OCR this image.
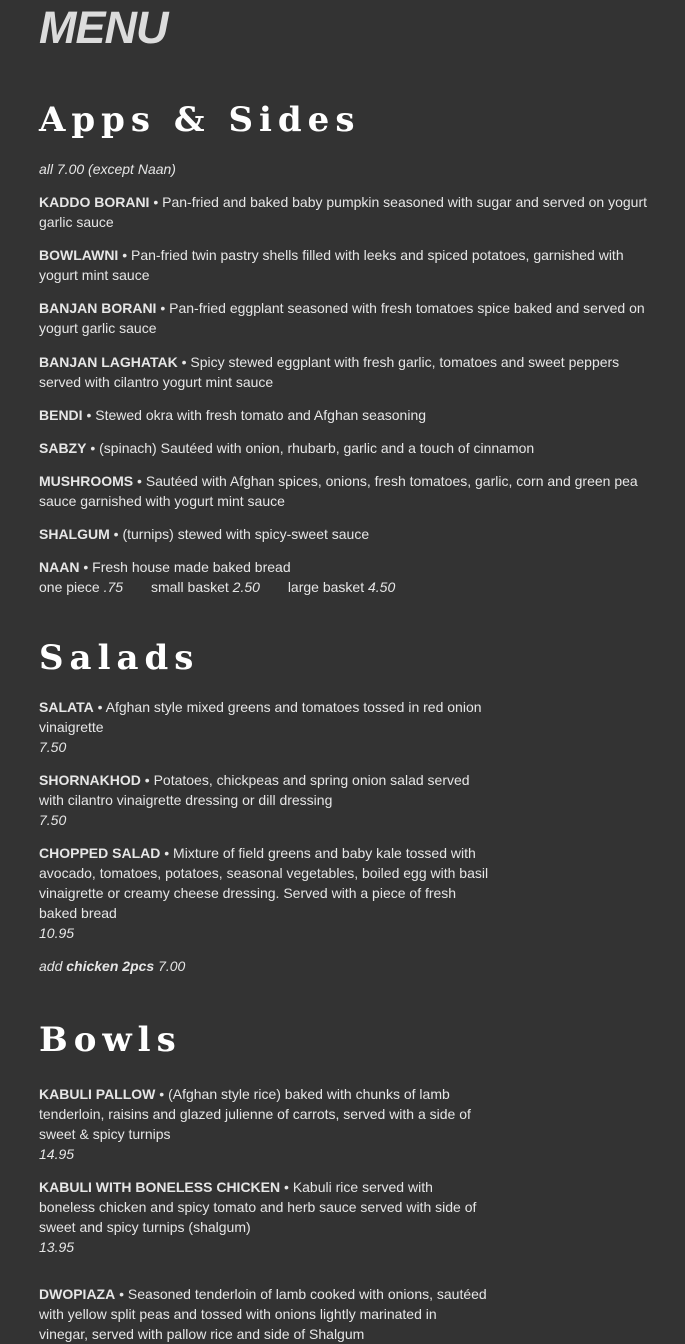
MENU
Apps & Sides

all 7.00 (except Naan)

KADDO BORANI • Pan-fried and baked baby pumpkin seasoned with sugar and served on yogurt garlic sauce

BOWLAWNI • Pan-fried twin pastry shells filled with leeks and spiced potatoes, garnished with yogurt mint sauce

BANJAN BORANI • Pan-fried eggplant seasoned with fresh tomatoes spice baked and served on yogurt garlic sauce

BANJAN LAGHATAK • Spicy stewed eggplant with fresh garlic, tomatoes and sweet peppers served with cilantro yogurt mint sauce

BENDI • Stewed okra with fresh tomato and Afghan seasoning

SABZY • (spinach) Sautéed with onion, rhubarb, garlic and a touch of cinnamon

MUSHROOMS • Sautéed with Afghan spices, onions, fresh tomatoes, garlic, corn and green pea sauce garnished with yogurt mint sauce

SHALGUM • (turnips) stewed with spicy-sweet sauce

NAAN • Fresh house made baked bread

one piece .75 small basket 2.50 large basket 4.50

Salads

SALATA • Afghan style mixed greens and tomatoes tossed in red onion vinaigrette
7.50

SHORNAKHOD • Potatoes, chickpeas and spring onion salad served with cilantro vinaigrette dressing or dill dressing
7.50

CHOPPED SALAD • Mixture of field greens and baby kale tossed with avocado, tomatoes, potatoes, seasonal vegetables, boiled egg with basil vinaigrette or creamy cheese dressing. Served with a piece of fresh baked bread
10.95

add chicken 2pcs 7.00

Bowls

KABULI PALLOW • (Afghan style rice) baked with chunks of lamb tenderloin, raisins and glazed julienne of carrots, served with a side of sweet & spicy turnips
14.95

KABULI WITH BONELESS CHICKEN • Kabuli rice served with boneless chicken and spicy tomato and herb sauce served with side of sweet and spicy turnips (shalgum)
13.95

DWOPIAZA • Seasoned tenderloin of lamb cooked with onions, sautéed with yellow split peas and tossed with onions lightly marinated in vinegar, served with pallow rice and side of Shalgum
